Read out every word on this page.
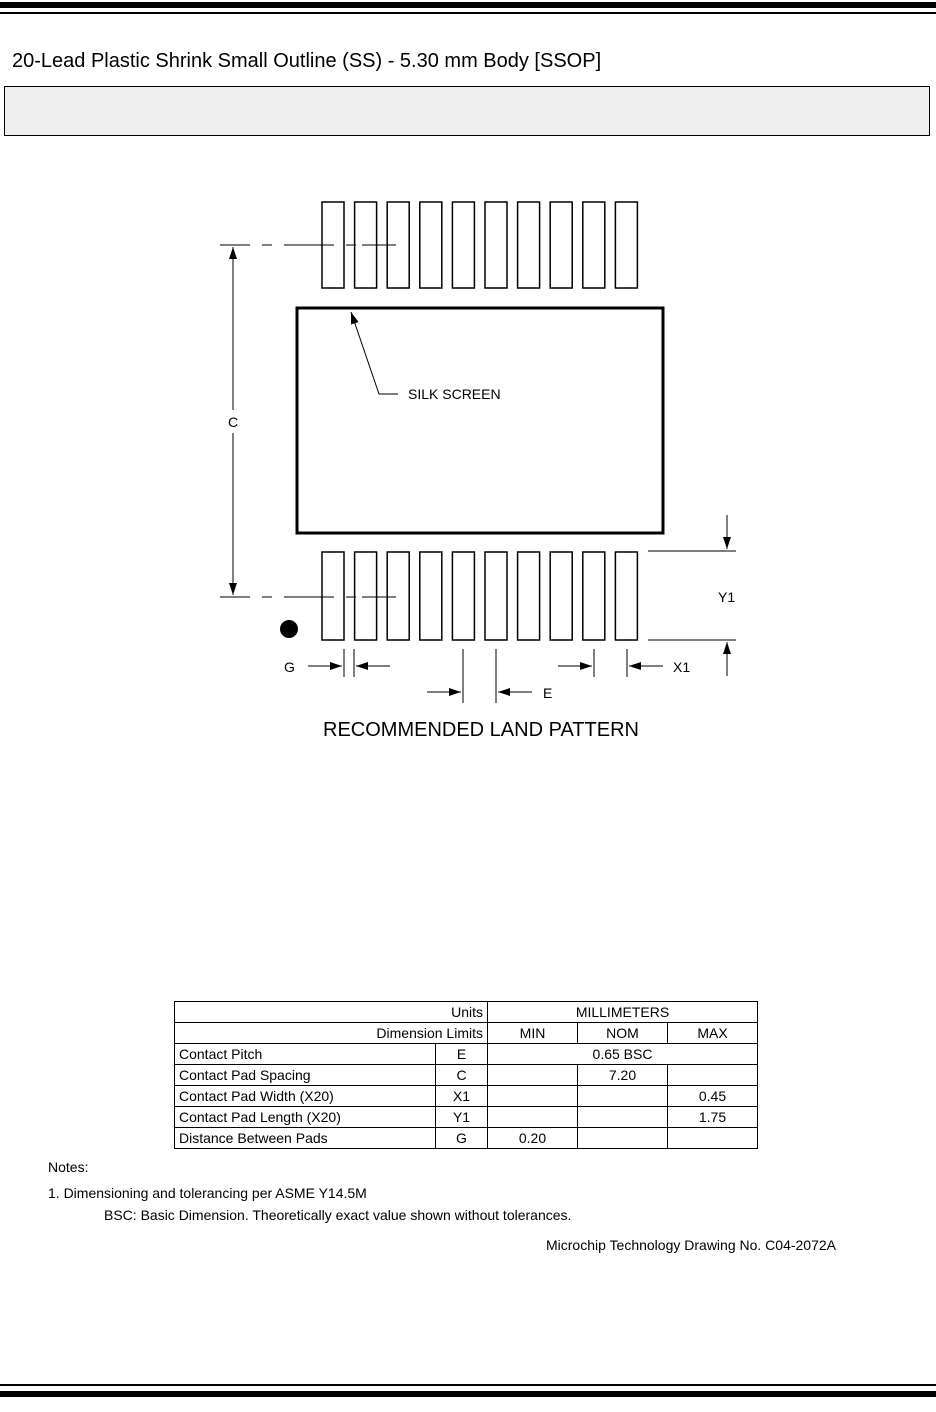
20-Lead Plastic Shrink Small Outline (SS) - 5.30 mm Body [SSOP]
C
SILK SCREEN
Y1
G	X1
E
RECOMMENDED LAND PATTERN
Units		MILLIMETERS		
Dimension Limits		MIN	NOM	MAX
Contact Pitch	E	0.65 BSC		
Contact Pad Spacing	C		7.20	
Contact Pad Width (X20)	X1			0.45
Contact Pad Length (X20)	Y1			1.75
Distance Between Pads	G	0.20		
Notes:
1. Dimensioning and tolerancing per ASME Y14.5M
BSC: Basic Dimension. Theoretically exact value shown without tolerances.
Microchip Technology Drawing No. C04-2072A
